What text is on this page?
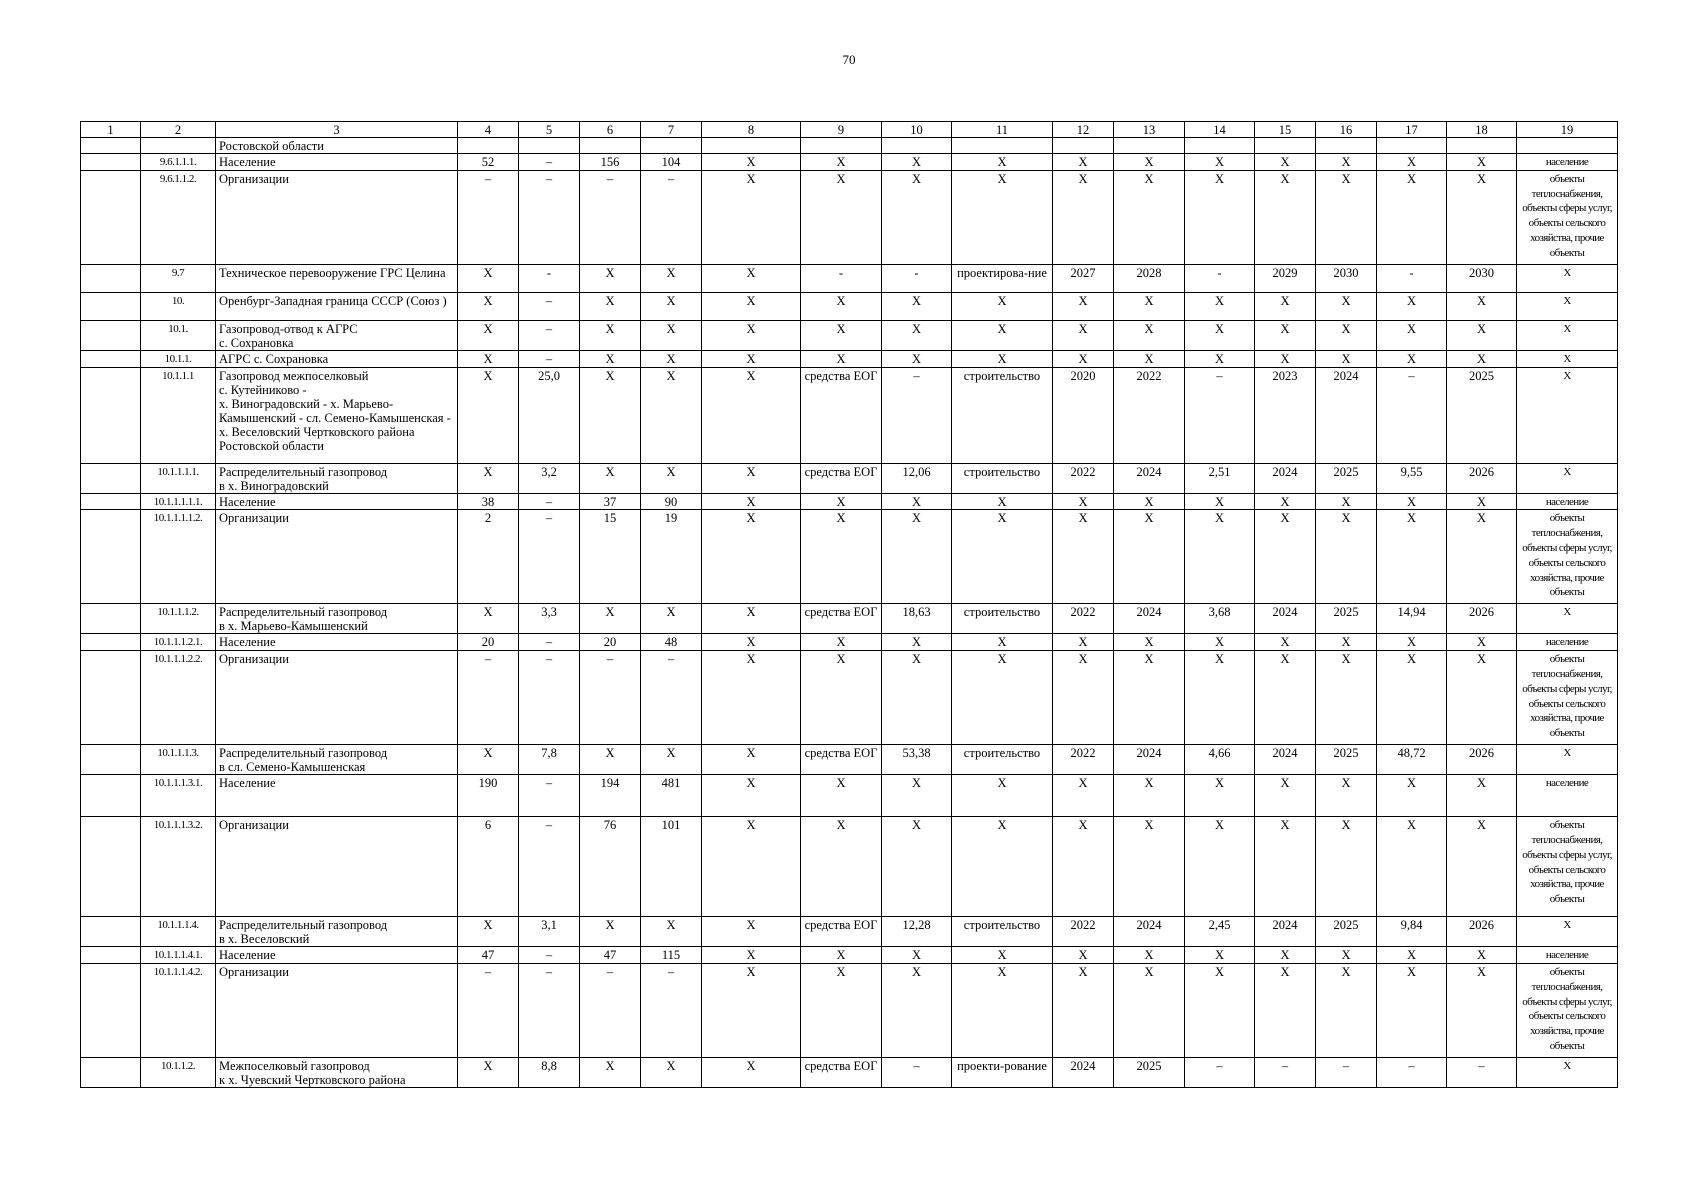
70
1	2	3	4	5	6	7	8	9	10	11	12	13	14	15	16	17	18	19
		Ростовской области																
	9.6.1.1.1.	Население	52	–	156	104	X	X	X	X	X	X	X	X	X	X	X	население
	9.6.1.1.2.	Организации	–	–	–	–	X	X	X	X	X	X	X	X	X	X	X	объекты теплоснабжения, объекты сферы услуг, объекты сельского хозяйства, прочие объекты
	9.7	Техническое перевооружение ГРС Целина	X	-	X	X	X	-	-	проектирова-ние	2027	2028	-	2029	2030	-	2030	X
	10.	Оренбург-Западная граница СССР (Союз )	X	–	X	X	X	X	X	X	X	X	X	X	X	X	X	X
	10.1.	Газопровод-отвод к АГРС
с. Сохрановка	X	–	X	X	X	X	X	X	X	X	X	X	X	X	X	X
	10.1.1.	АГРС с. Сохрановка	X	–	X	X	X	X	X	X	X	X	X	X	X	X	X	X
	10.1.1.1	Газопровод межпоселковый
с. Кутейниково -
х. Виноградовский - х. Марьево-Камышенский - сл. Семено-Камышенская - х. Веселовский Чертковского района
Ростовской области	X	25,0	X	X	X	средства ЕОГ	–	строительство	2020	2022	–	2023	2024	–	2025	X
	10.1.1.1.1.	Распределительный газопровод
в х. Виноградовский	X	3,2	X	X	X	средства ЕОГ	12,06	строительство	2022	2024	2,51	2024	2025	9,55	2026	X
	10.1.1.1.1.1.	Население	38	–	37	90	X	X	X	X	X	X	X	X	X	X	X	население
	10.1.1.1.1.2.	Организации	2	–	15	19	X	X	X	X	X	X	X	X	X	X	X	объекты теплоснабжения, объекты сферы услуг, объекты сельского хозяйства, прочие объекты
	10.1.1.1.2.	Распределительный газопровод
в х. Марьево-Камышенский	X	3,3	X	X	X	средства ЕОГ	18,63	строительство	2022	2024	3,68	2024	2025	14,94	2026	X
	10.1.1.1.2.1.	Население	20	–	20	48	X	X	X	X	X	X	X	X	X	X	X	население
	10.1.1.1.2.2.	Организации	–	–	–	–	X	X	X	X	X	X	X	X	X	X	X	объекты теплоснабжения, объекты сферы услуг, объекты сельского хозяйства, прочие объекты
	10.1.1.1.3.	Распределительный газопровод
в сл. Семено-Камышенская	X	7,8	X	X	X	средства ЕОГ	53,38	строительство	2022	2024	4,66	2024	2025	48,72	2026	X
	10.1.1.1.3.1.	Население	190	–	194	481	X	X	X	X	X	X	X	X	X	X	X	население
	10.1.1.1.3.2.	Организации	6	–	76	101	X	X	X	X	X	X	X	X	X	X	X	объекты теплоснабжения, объекты сферы услуг, объекты сельского хозяйства, прочие объекты
	10.1.1.1.4.	Распределительный газопровод
в х. Веселовский	X	3,1	X	X	X	средства ЕОГ	12,28	строительство	2022	2024	2,45	2024	2025	9,84	2026	X
	10.1.1.1.4.1.	Население	47	–	47	115	X	X	X	X	X	X	X	X	X	X	X	население
	10.1.1.1.4.2.	Организации	–	–	–	–	X	X	X	X	X	X	X	X	X	X	X	объекты теплоснабжения, объекты сферы услуг, объекты сельского хозяйства, прочие объекты
	10.1.1.2.	Межпоселковый газопровод
к х. Чуевский Чертковского района	X	8,8	X	X	X	средства ЕОГ	–	проекти-рование	2024	2025	–	–	–	–	–	X
